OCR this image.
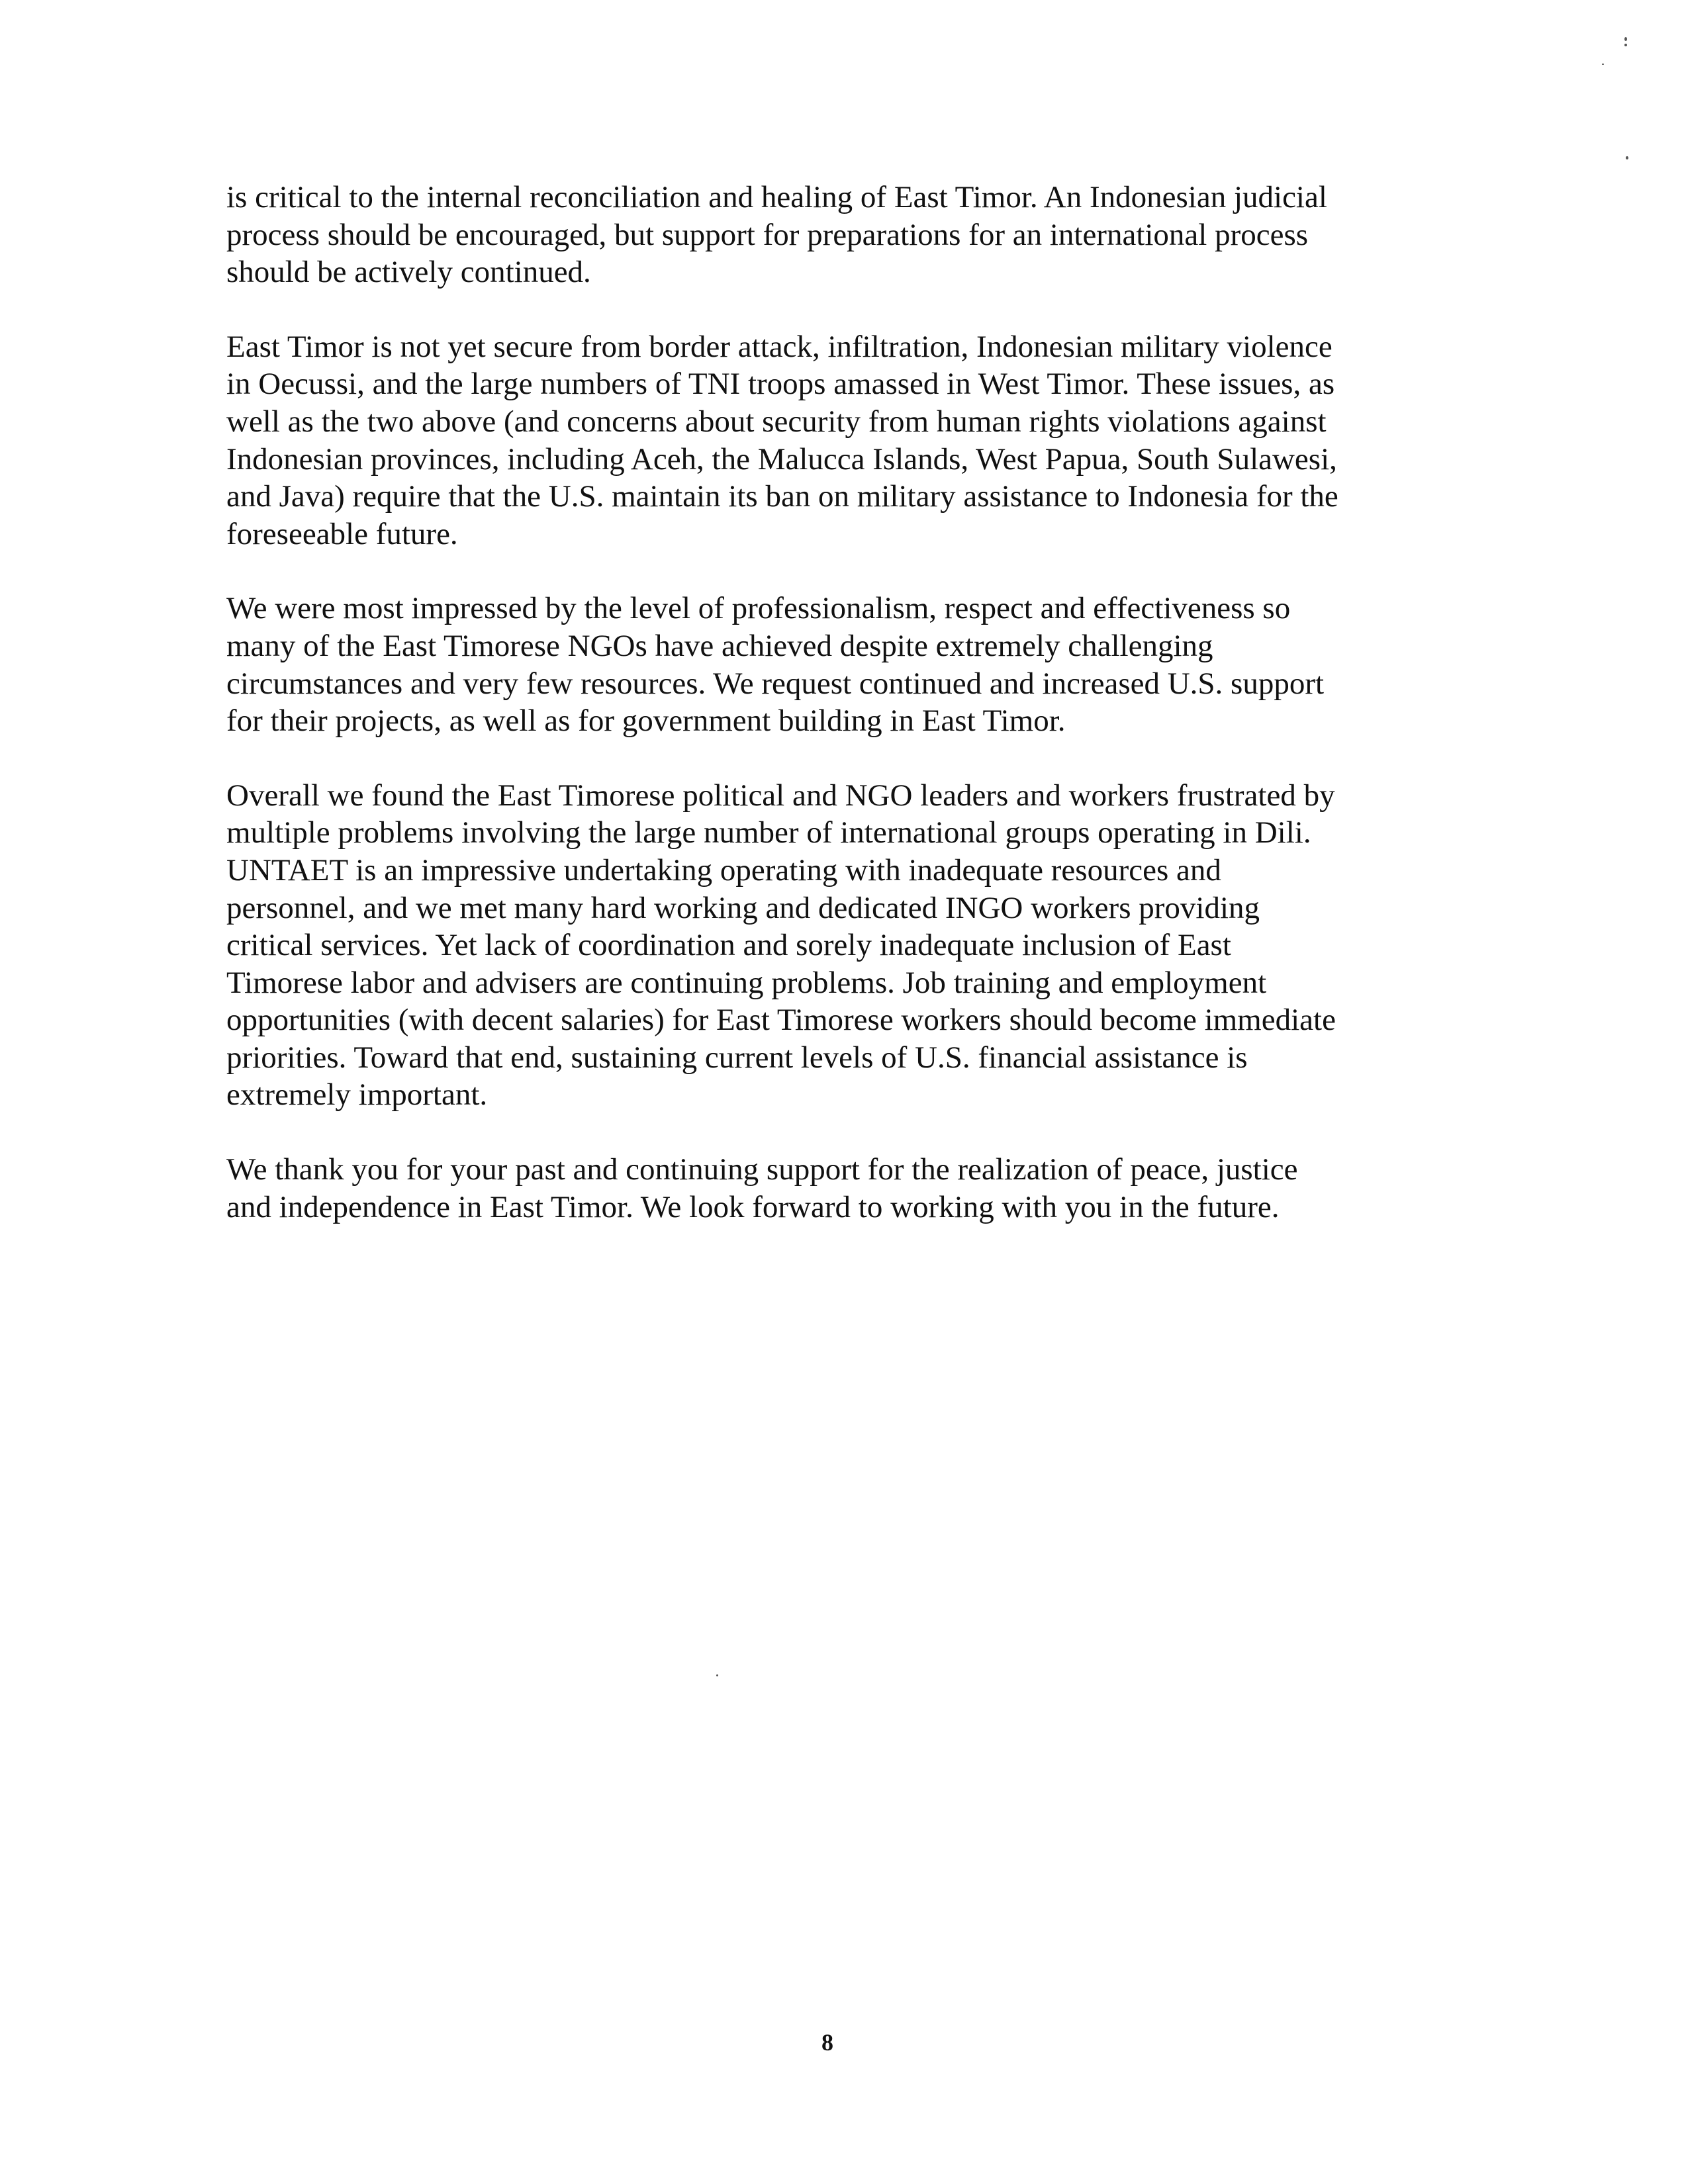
is critical to the internal reconciliation and healing of East Timor. An Indonesian judicial
process should be encouraged, but support for preparations for an international process
should be actively continued.

East Timor is not yet secure from border attack, infiltration, Indonesian military violence
in Oecussi, and the large numbers of TNI troops amassed in West Timor. These issues, as
well as the two above (and concerns about security from human rights violations against
Indonesian provinces, including Aceh, the Malucca Islands, West Papua, South Sulawesi,
and Java) require that the U.S. maintain its ban on military assistance to Indonesia for the
foreseeable future.

We were most impressed by the level of professionalism, respect and effectiveness so
many of the East Timorese NGOs have achieved despite extremely challenging
circumstances and very few resources. We request continued and increased U.S. support
for their projects, as well as for government building in East Timor.

Overall we found the East Timorese political and NGO leaders and workers frustrated by
multiple problems involving the large number of international groups operating in Dili.
UNTAET is an impressive undertaking operating with inadequate resources and
personnel, and we met many hard working and dedicated INGO workers providing
critical services. Yet lack of coordination and sorely inadequate inclusion of East
Timorese labor and advisers are continuing problems. Job training and employment
opportunities (with decent salaries) for East Timorese workers should become immediate
priorities. Toward that end, sustaining current levels of U.S. financial assistance is
extremely important.

We thank you for your past and continuing support for the realization of peace, justice
and independence in East Timor. We look forward to working with you in the future.

8
